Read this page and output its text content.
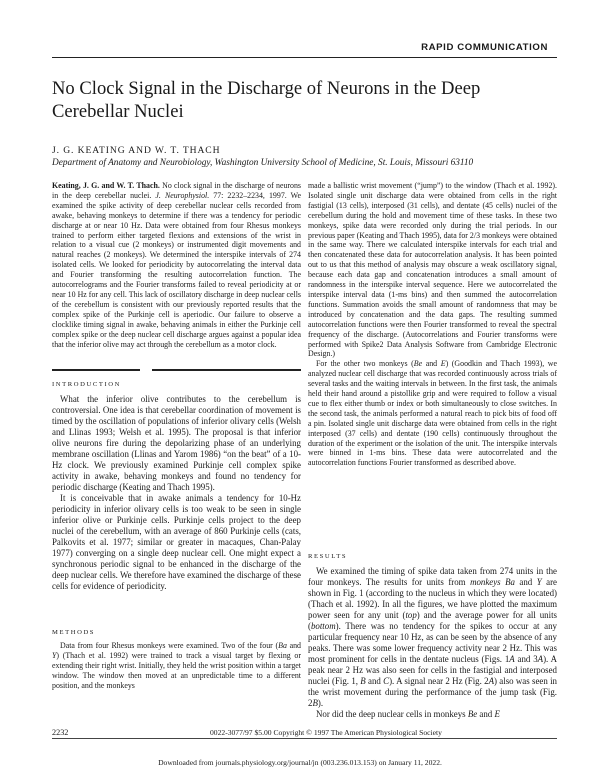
RAPID COMMUNICATION
No Clock Signal in the Discharge of Neurons in the Deep Cerebellar Nuclei
J. G. KEATING AND W. T. THACH
Department of Anatomy and Neurobiology, Washington University School of Medicine, St. Louis, Missouri 63110

Keating, J. G. and W. T. Thach. No clock signal in the discharge of neurons in the deep cerebellar nuclei. J. Neurophysiol. 77: 2232–2234, 1997. We examined the spike activity of deep cerebellar nuclear cells recorded from awake, behaving monkeys to determine if there was a tendency for periodic discharge at or near 10 Hz. Data were obtained from four Rhesus monkeys trained to perform either targeted flexions and extensions of the wrist in relation to a visual cue (2 monkeys) or instrumented digit movements and natural reaches (2 monkeys). We determined the interspike intervals of 274 isolated cells. We looked for periodicity by autocorrelating the interval data and Fourier transforming the resulting autocorrelation function. The autocorrelograms and the Fourier transforms failed to reveal periodicity at or near 10 Hz for any cell. This lack of oscillatory discharge in deep nuclear cells of the cerebellum is consistent with our previously reported results that the complex spike of the Purkinje cell is aperiodic. Our failure to observe a clocklike timing signal in awake, behaving animals in either the Purkinje cell complex spike or the deep nuclear cell discharge argues against a popular idea that the inferior olive may act through the cerebellum as a motor clock.

INTRODUCTION

What the inferior olive contributes to the cerebellum is controversial. One idea is that cerebellar coordination of movement is timed by the oscillation of populations of inferior olivary cells (Welsh and Llinas 1993; Welsh et al. 1995). The proposal is that inferior olive neurons fire during the depolarizing phase of an underlying membrane oscillation (Llinas and Yarom 1986) “on the beat” of a 10-Hz clock. We previously examined Purkinje cell complex spike activity in awake, behaving monkeys and found no tendency for periodic discharge (Keating and Thach 1995).

It is conceivable that in awake animals a tendency for 10-Hz periodicity in inferior olivary cells is too weak to be seen in single inferior olive or Purkinje cells. Purkinje cells project to the deep nuclei of the cerebellum, with an average of 860 Purkinje cells (cats, Palkovits et al. 1977; similar or greater in macaques, Chan-Palay 1977) converging on a single deep nuclear cell. One might expect a synchronous periodic signal to be enhanced in the discharge of the deep nuclear cells. We therefore have examined the discharge of these cells for evidence of periodicity.

METHODS

Data from four Rhesus monkeys were examined. Two of the four (Ba and Y) (Thach et al. 1992) were trained to track a visual target by flexing or extending their right wrist. Initially, they held the wrist position within a target window. The window then moved at an unpredictable time to a different position, and the monkeys

made a ballistic wrist movement (“jump”) to the window (Thach et al. 1992). Isolated single unit discharge data were obtained from cells in the right fastigial (13 cells), interposed (31 cells), and dentate (45 cells) nuclei of the cerebellum during the hold and movement time of these tasks. In these two monkeys, spike data were recorded only during the trial periods. In our previous paper (Keating and Thach 1995), data for 2/3 monkeys were obtained in the same way. There we calculated interspike intervals for each trial and then concatenated these data for autocorrelation analysis. It has been pointed out to us that this method of analysis may obscure a weak oscillatory signal, because each data gap and concatenation introduces a small amount of randomness in the interspike interval sequence. Here we autocorrelated the interspike interval data (1-ms bins) and then summed the autocorrelation functions. Summation avoids the small amount of randomness that may be introduced by concatenation and the data gaps. The resulting summed autocorrelation functions were then Fourier transformed to reveal the spectral frequency of the discharge. (Autocorrelations and Fourier transforms were performed with Spike2 Data Analysis Software from Cambridge Electronic Design.)

For the other two monkeys (Be and E) (Goodkin and Thach 1993), we analyzed nuclear cell discharge that was recorded continuously across trials of several tasks and the waiting intervals in between. In the first task, the animals held their hand around a pistollike grip and were required to follow a visual cue to flex either thumb or index or both simultaneously to close switches. In the second task, the animals performed a natural reach to pick bits of food off a pin. Isolated single unit discharge data were obtained from cells in the right interposed (37 cells) and dentate (190 cells) continuously throughout the duration of the experiment or the isolation of the unit. The interspike intervals were binned in 1-ms bins. These data were autocorrelated and the autocorrelation functions Fourier transformed as described above.

RESULTS

We examined the timing of spike data taken from 274 units in the four monkeys. The results for units from monkeys Ba and Y are shown in Fig. 1 (according to the nucleus in which they were located) (Thach et al. 1992). In all the figures, we have plotted the maximum power seen for any unit (top) and the average power for all units (bottom). There was no tendency for the spikes to occur at any particular frequency near 10 Hz, as can be seen by the absence of any peaks. There was some lower frequency activity near 2 Hz. This was most prominent for cells in the dentate nucleus (Figs. 1A and 3A). A peak near 2 Hz was also seen for cells in the fastigial and interposed nuclei (Fig. 1, B and C). A signal near 2 Hz (Fig. 2A) also was seen in the wrist movement during the performance of the jump task (Fig. 2B).

Nor did the deep nuclear cells in monkeys Be and E

2232	0022-3077/97 $5.00 Copyright © 1997 The American Physiological Society
Downloaded from journals.physiology.org/journal/jn (003.236.013.153) on January 11, 2022.
